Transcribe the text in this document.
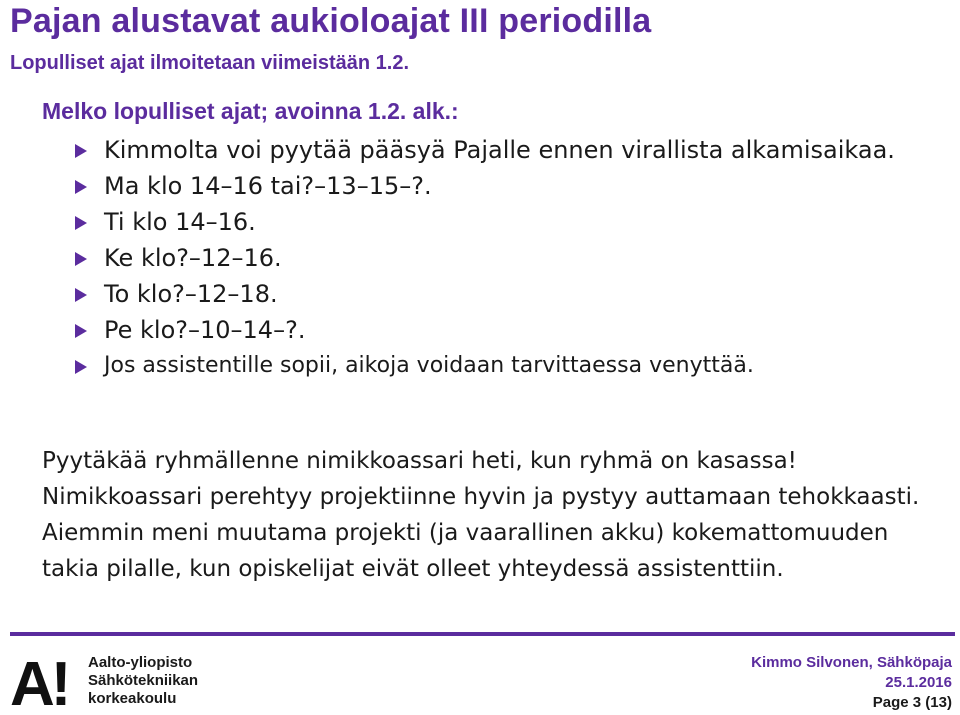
Pajan alustavat aukioloajat III periodilla

Lopulliset ajat ilmoitetaan viimeistään 1.2.

Melko lopulliset ajat; avoinna 1.2. alk.:
Kimmolta voi pyytää pääsyä Pajalle ennen virallista alkamisaikaa.
Ma klo 14–16 tai?–13–15–?.
Ti klo 14–16.
Ke klo?–12–16.
To klo?–12–18.
Pe klo?–10–14–?.
Jos assistentille sopii, aikoja voidaan tarvittaessa venyttää.

Pyytäkää ryhmällenne nimikkoassari heti, kun ryhmä on kasassa! Nimikkoassari perehtyy projektiinne hyvin ja pystyy auttamaan tehokkaasti. Aiemmin meni muutama projekti (ja vaarallinen akku) kokemattomuuden takia pilalle, kun opiskelijat eivät olleet yhteydessä assistenttiin.

A! Aalto-yliopisto
Sähkötekniikan
korkeakoulu
Kimmo Silvonen, Sähköpaja
25.1.2016
Page 3 (13)
